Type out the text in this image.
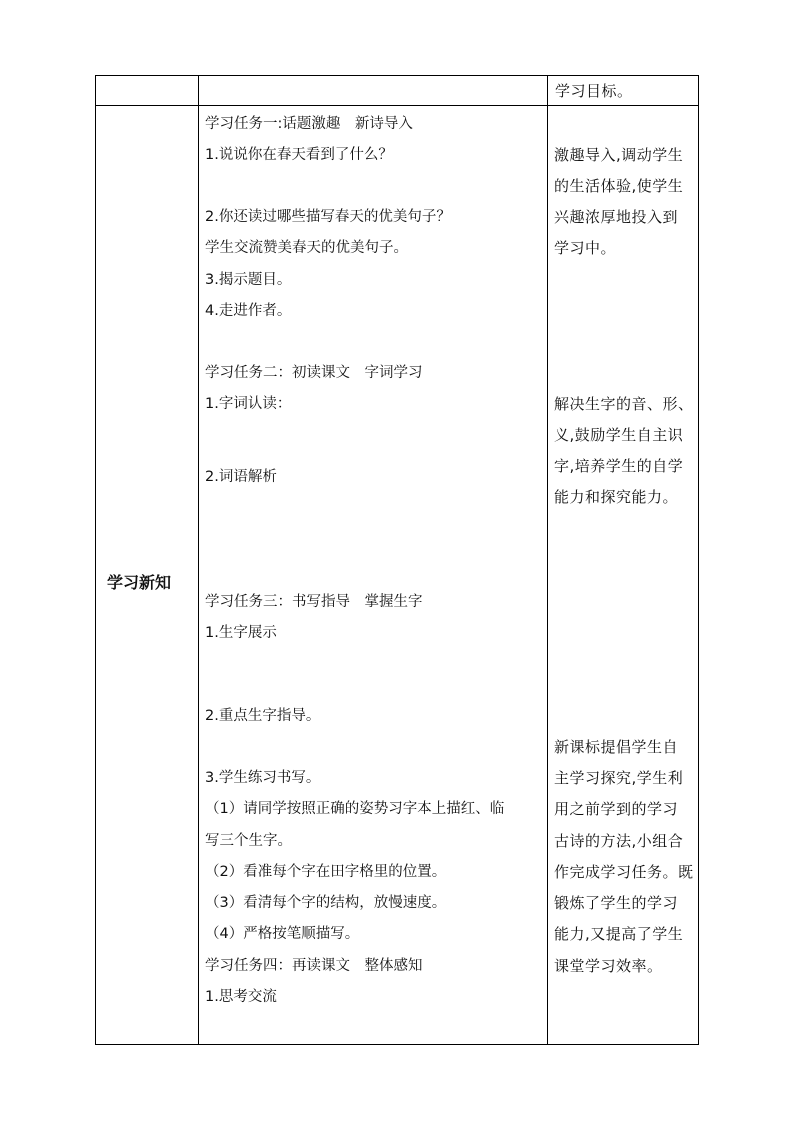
学习目标。
学习新知
学习任务一:话题激趣　新诗导入
1.说说你在春天看到了什么？
2.你还读过哪些描写春天的优美句子？
学生交流赞美春天的优美句子。
3.揭示题目。
4.走进作者。
学习任务二：初读课文　字词学习
1.字词认读：
2.词语解析
学习任务三：书写指导　掌握生字
1.生字展示
2.重点生字指导。
3.学生练习书写。
（1）请同学按照正确的姿势习字本上描红、临
写三个生字。
（2）看准每个字在田字格里的位置。
（3）看清每个字的结构，放慢速度。
（4）严格按笔顺描写。
学习任务四：再读课文　整体感知
1.思考交流
激趣导入,调动学生
的生活体验,使学生
兴趣浓厚地投入到
学习中。
解决生字的音、形、
义,鼓励学生自主识
字,培养学生的自学
能力和探究能力。
新课标提倡学生自
主学习探究,学生利
用之前学到的学习
古诗的方法,小组合
作完成学习任务。既
锻炼了学生的学习
能力,又提高了学生
课堂学习效率。
